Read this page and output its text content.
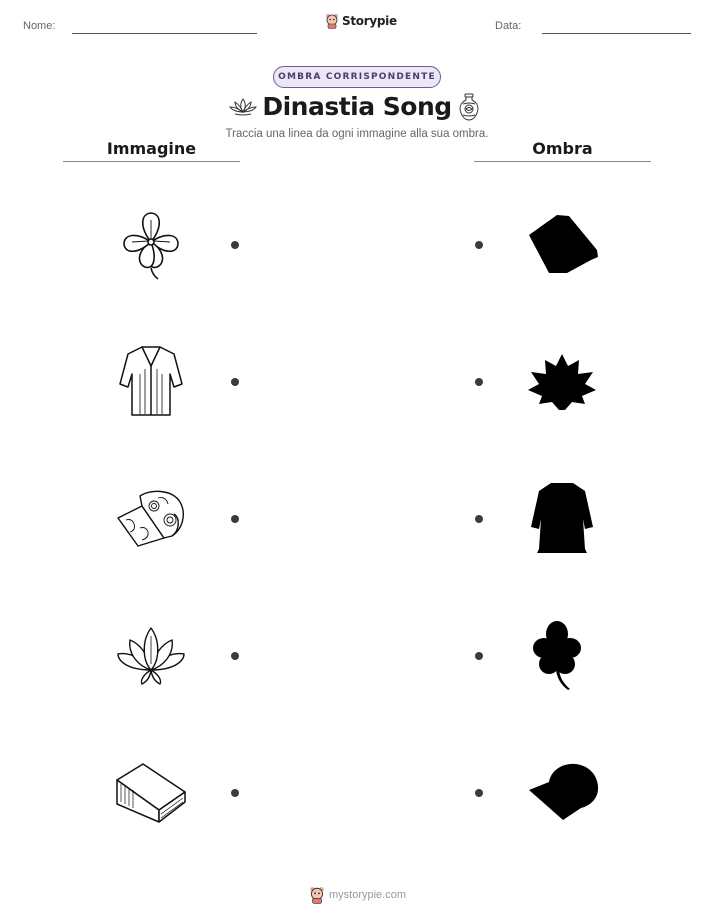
Nome:	Storypie	Data:
OMBRA CORRISPONDENTE
Dinastia Song
Traccia una linea da ogni immagine alla sua ombra.
Immagine	Ombra
mystorypie.com
